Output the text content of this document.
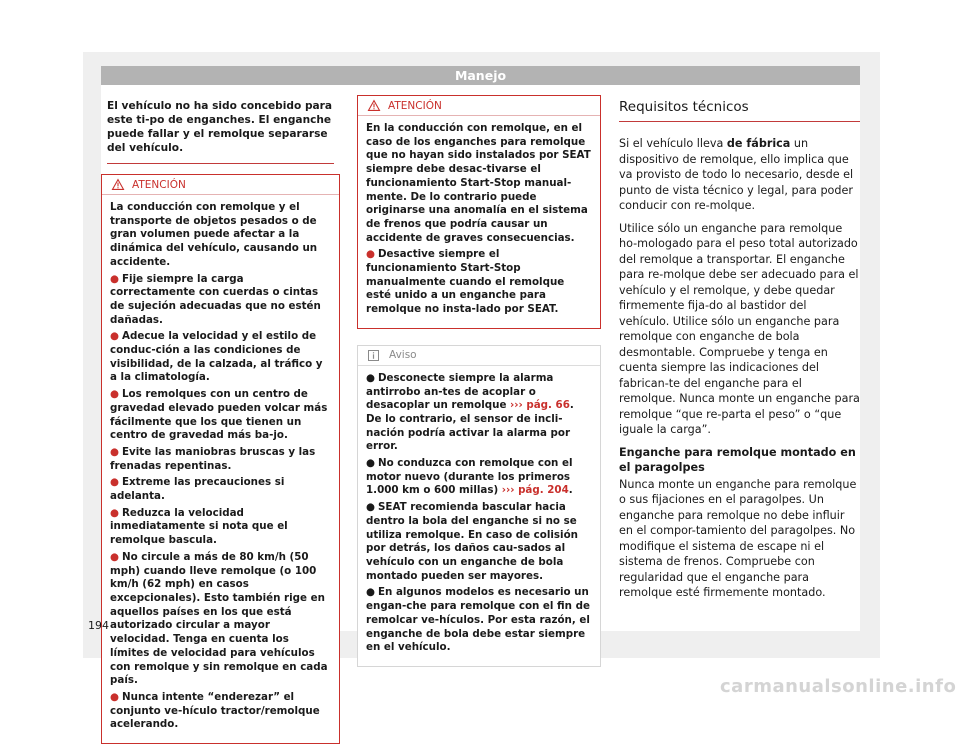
Manejo

El vehículo no ha sido concebido para este ti-po de enganches. El enganche puede fallar y el remolque separarse del vehículo.

ATENCIÓN

La conducción con remolque y el transporte de objetos pesados o de gran volumen puede afectar a la dinámica del vehículo, causando un accidente.

● Fije siempre la carga correctamente con cuerdas o cintas de sujeción adecuadas que no estén dañadas.

● Adecue la velocidad y el estilo de conduc-ción a las condiciones de visibilidad, de la calzada, al tráfico y a la climatología.

● Los remolques con un centro de gravedad elevado pueden volcar más fácilmente que los que tienen un centro de gravedad más ba-jo.

● Evite las maniobras bruscas y las frenadas repentinas.

● Extreme las precauciones si adelanta.

● Reduzca la velocidad inmediatamente si nota que el remolque bascula.

● No circule a más de 80 km/h (50 mph) cuando lleve remolque (o 100 km/h (62 mph) en casos excepcionales). Esto también rige en aquellos países en los que está autorizado circular a mayor velocidad. Tenga en cuenta los límites de velocidad para vehículos con remolque y sin remolque en cada país.

● Nunca intente “enderezar” el conjunto ve-hículo tractor/remolque acelerando.

ATENCIÓN

En la conducción con remolque, en el caso de los enganches para remolque que no hayan sido instalados por SEAT siempre debe desac-tivarse el funcionamiento Start-Stop manual-mente. De lo contrario puede originarse una anomalía en el sistema de frenos que podría causar un accidente de graves consecuencias.

● Desactive siempre el funcionamiento Start-Stop manualmente cuando el remolque esté unido a un enganche para remolque no insta-lado por SEAT.

Aviso

● Desconecte siempre la alarma antirrobo an-tes de acoplar o desacoplar un remolque ››› pág. 66. De lo contrario, el sensor de incli-nación podría activar la alarma por error.

● No conduzca con remolque con el motor nuevo (durante los primeros 1.000 km o 600 millas) ››› pág. 204.

● SEAT recomienda bascular hacia dentro la bola del enganche si no se utiliza remolque. En caso de colisión por detrás, los daños cau-sados al vehículo con un enganche de bola montado pueden ser mayores.

● En algunos modelos es necesario un engan-che para remolque con el fin de remolcar ve-hículos. Por esta razón, el enganche de bola debe estar siempre en el vehículo.

Requisitos técnicos

Si el vehículo lleva de fábrica un dispositivo de remolque, ello implica que va provisto de todo lo necesario, desde el punto de vista técnico y legal, para poder conducir con re-molque.

Utilice sólo un enganche para remolque ho-mologado para el peso total autorizado del remolque a transportar. El enganche para re-molque debe ser adecuado para el vehículo y el remolque, y debe quedar firmemente fija-do al bastidor del vehículo. Utilice sólo un enganche para remolque con enganche de bola desmontable. Compruebe y tenga en cuenta siempre las indicaciones del fabrican-te del enganche para el remolque. Nunca monte un enganche para remolque “que re-parta el peso” o “que iguale la carga”.

Enganche para remolque montado en el paragolpes

Nunca monte un enganche para remolque o sus fijaciones en el paragolpes. Un enganche para remolque no debe influir en el compor-tamiento del paragolpes. No modifique el sistema de escape ni el sistema de frenos. Compruebe con regularidad que el enganche para remolque esté firmemente montado.

194
carmanualsonline.info
